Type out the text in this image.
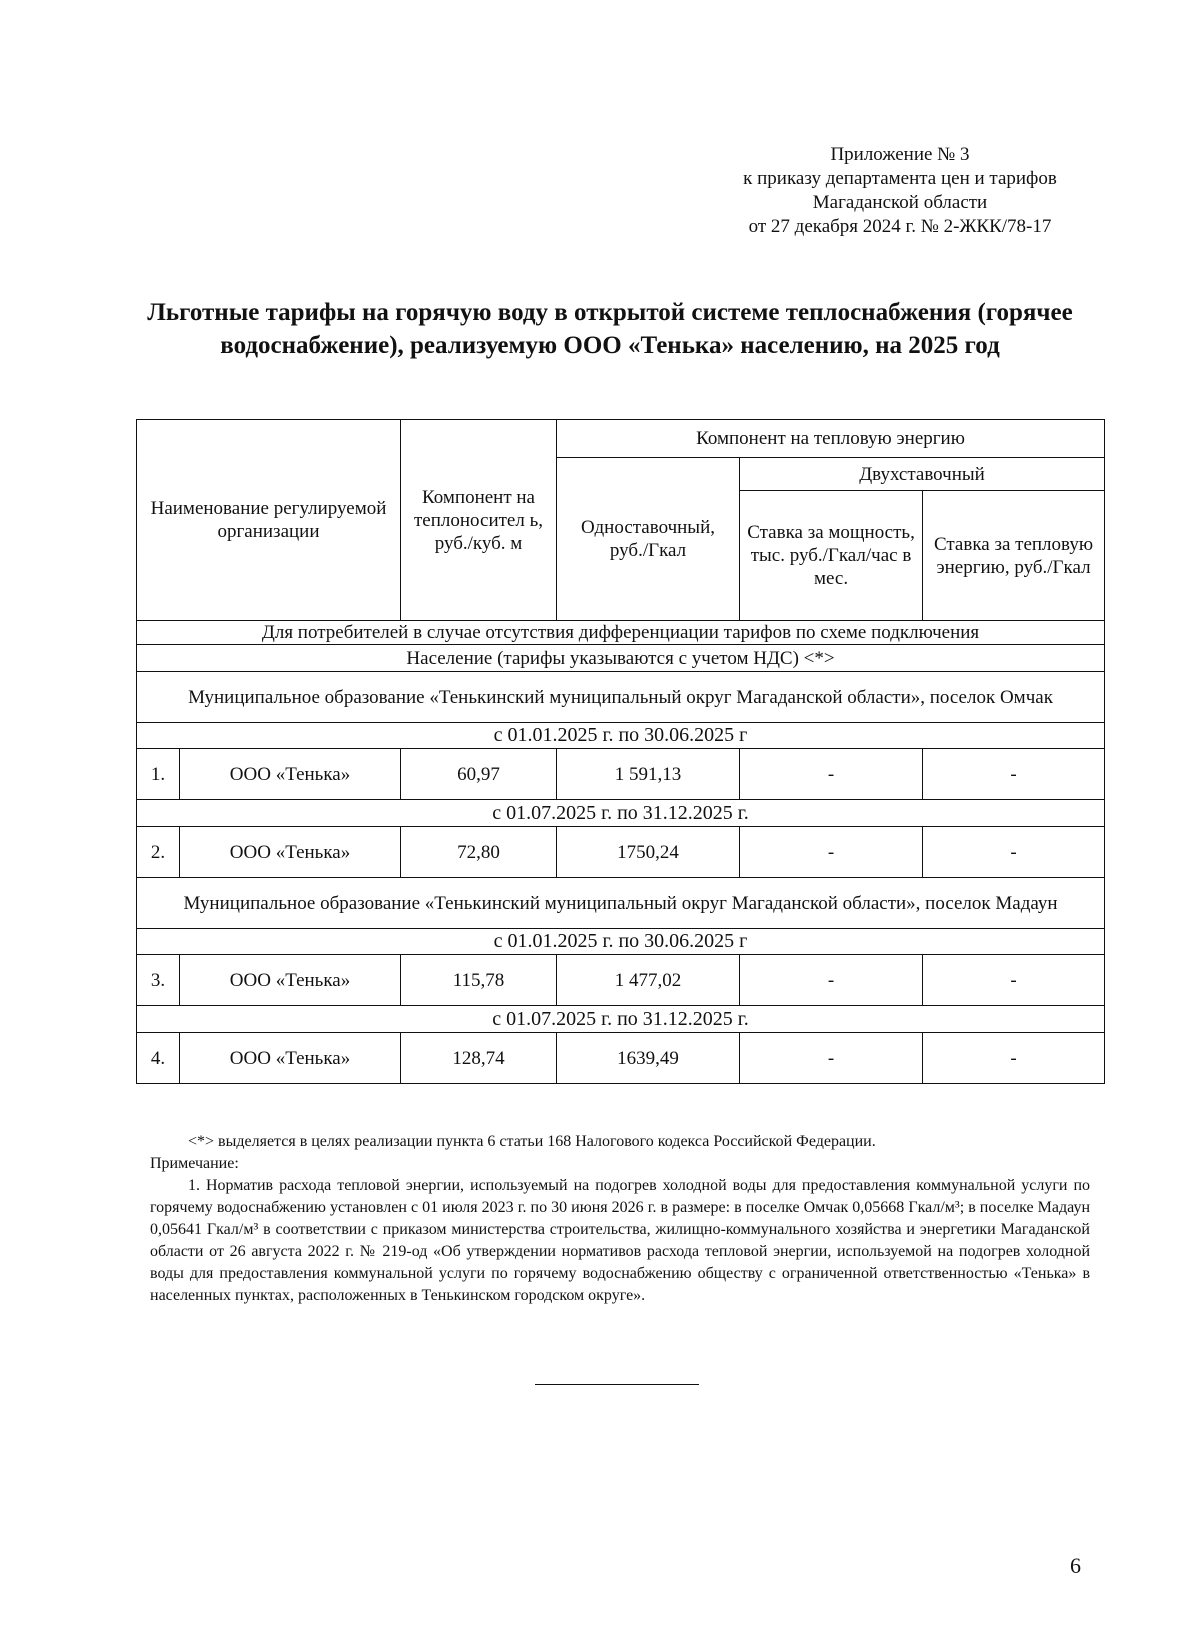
Приложение № 3
к приказу департамента цен и тарифов
Магаданской области
от 27 декабря 2024 г. № 2-ЖКК/78-17
Льготные тарифы на горячую воду в открытой системе теплоснабжения (горячее водоснабжение), реализуемую ООО «Тенька» населению, на 2025 год
Наименование регулируемой организации		Компонент на теплоносител ь, руб./куб. м	Компонент на тепловую энергию		
			Одноставочный, руб./Гкал	Двухставочный	
				Ставка за мощность, тыс. руб./Гкал/час в мес.	Ставка за тепловую энергию, руб./Гкал
Для потребителей в случае отсутствия дифференциации тарифов по схеме подключения					
Население (тарифы указываются с учетом НДС) <*>					
Муниципальное образование «Тенькинский муниципальный округ Магаданской области», поселок Омчак					
с 01.01.2025 г. по 30.06.2025 г					
1.	ООО «Тенька»	60,97	1 591,13	-	-
с 01.07.2025 г. по 31.12.2025 г.					
2.	ООО «Тенька»	72,80	1750,24	-	-
Муниципальное образование «Тенькинский муниципальный округ Магаданской области», поселок Мадаун					
с 01.01.2025 г. по 30.06.2025 г					
3.	ООО «Тенька»	115,78	1 477,02	-	-
с 01.07.2025 г. по 31.12.2025 г.					
4.	ООО «Тенька»	128,74	1639,49	-	-
<*> выделяется в целях реализации пункта 6 статьи 168 Налогового кодекса Российской Федерации.
Примечание:
1. Норматив расхода тепловой энергии, используемый на подогрев холодной воды для предоставления коммунальной услуги по горячему водоснабжению установлен с 01 июля 2023 г. по 30 июня 2026 г. в размере: в поселке Омчак 0,05668 Гкал/м³; в поселке Мадаун 0,05641 Гкал/м³ в соответствии с приказом министерства строительства, жилищно-коммунального хозяйства и энергетики Магаданской области от 26 августа 2022 г. № 219-од «Об утверждении нормативов расхода тепловой энергии, используемой на подогрев холодной воды для предоставления коммунальной услуги по горячему водоснабжению обществу с ограниченной ответственностью «Тенька» в населенных пунктах, расположенных в Тенькинском городском округе».
6
